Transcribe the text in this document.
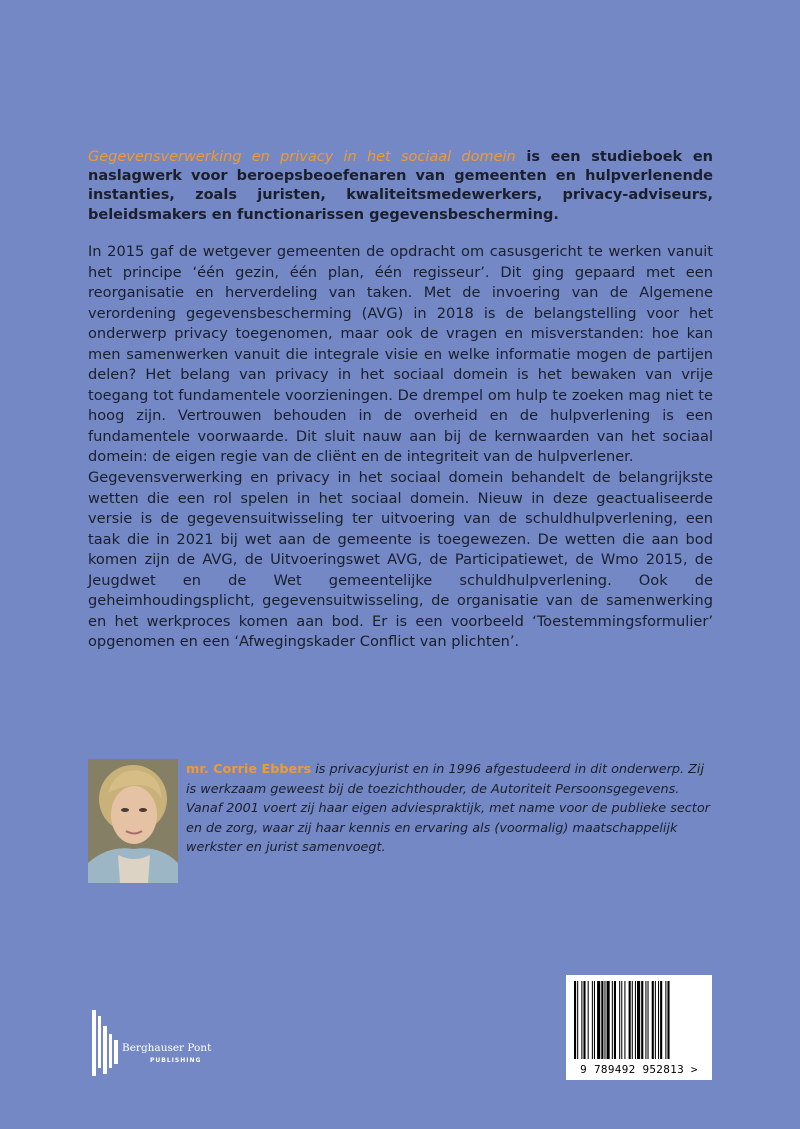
Gegevensverwerking en privacy in het sociaal domein is een studieboek en naslagwerk voor beroepsbeoefenaren van gemeenten en hulpverlenende instanties, zoals juristen, kwaliteitsmedewerkers, privacy-adviseurs, beleidsmakers en functionarissen gegevensbescherming.

In 2015 gaf de wetgever gemeenten de opdracht om casusgericht te werken vanuit het principe ‘één gezin, één plan, één regisseur’. Dit ging gepaard met een reorganisatie en herverdeling van taken. Met de invoering van de Algemene verordening gegevensbescherming (AVG) in 2018 is de belangstelling voor het onderwerp privacy toegenomen, maar ook de vragen en misverstanden: hoe kan men samenwerken vanuit die integrale visie en welke informatie mogen de partijen delen? Het belang van privacy in het sociaal domein is het bewaken van vrije toegang tot fundamentele voorzieningen. De drempel om hulp te zoeken mag niet te hoog zijn. Vertrouwen behouden in de overheid en de hulpverlening is een fundamentele voorwaarde. Dit sluit nauw aan bij de kernwaarden van het sociaal domein: de eigen regie van de cliënt en de integriteit van de hulpverlener.

Gegevensverwerking en privacy in het sociaal domein behandelt de belangrijkste wetten die een rol spelen in het sociaal domein. Nieuw in deze geactualiseerde versie is de gegevensuitwisseling ter uitvoering van de schuldhulpverlening, een taak die in 2021 bij wet aan de gemeente is toegewezen. De wetten die aan bod komen zijn de AVG, de Uitvoeringswet AVG, de Participatiewet, de Wmo 2015, de Jeugdwet en de Wet gemeentelijke schuldhulpverlening. Ook de geheimhoudingsplicht, gegevensuitwisseling, de organisatie van de samenwerking en het werkproces komen aan bod. Er is een voorbeeld ‘Toestemmingsformulier’ opgenomen en een ‘Afwegingskader Conflict van plichten’.

mr. Corrie Ebbers is privacyjurist en in 1996 afgestudeerd in dit onderwerp. Zij is werkzaam geweest bij de toezichthouder, de Autoriteit Persoonsgegevens. Vanaf 2001 voert zij haar eigen adviespraktijk, met name voor de publieke sector en de zorg, waar zij haar kennis en ervaring als (voormalig) maatschappelijk werkster en jurist samenvoegt.

Berghauser Pont
PUBLISHING
9 789492 952813 >
